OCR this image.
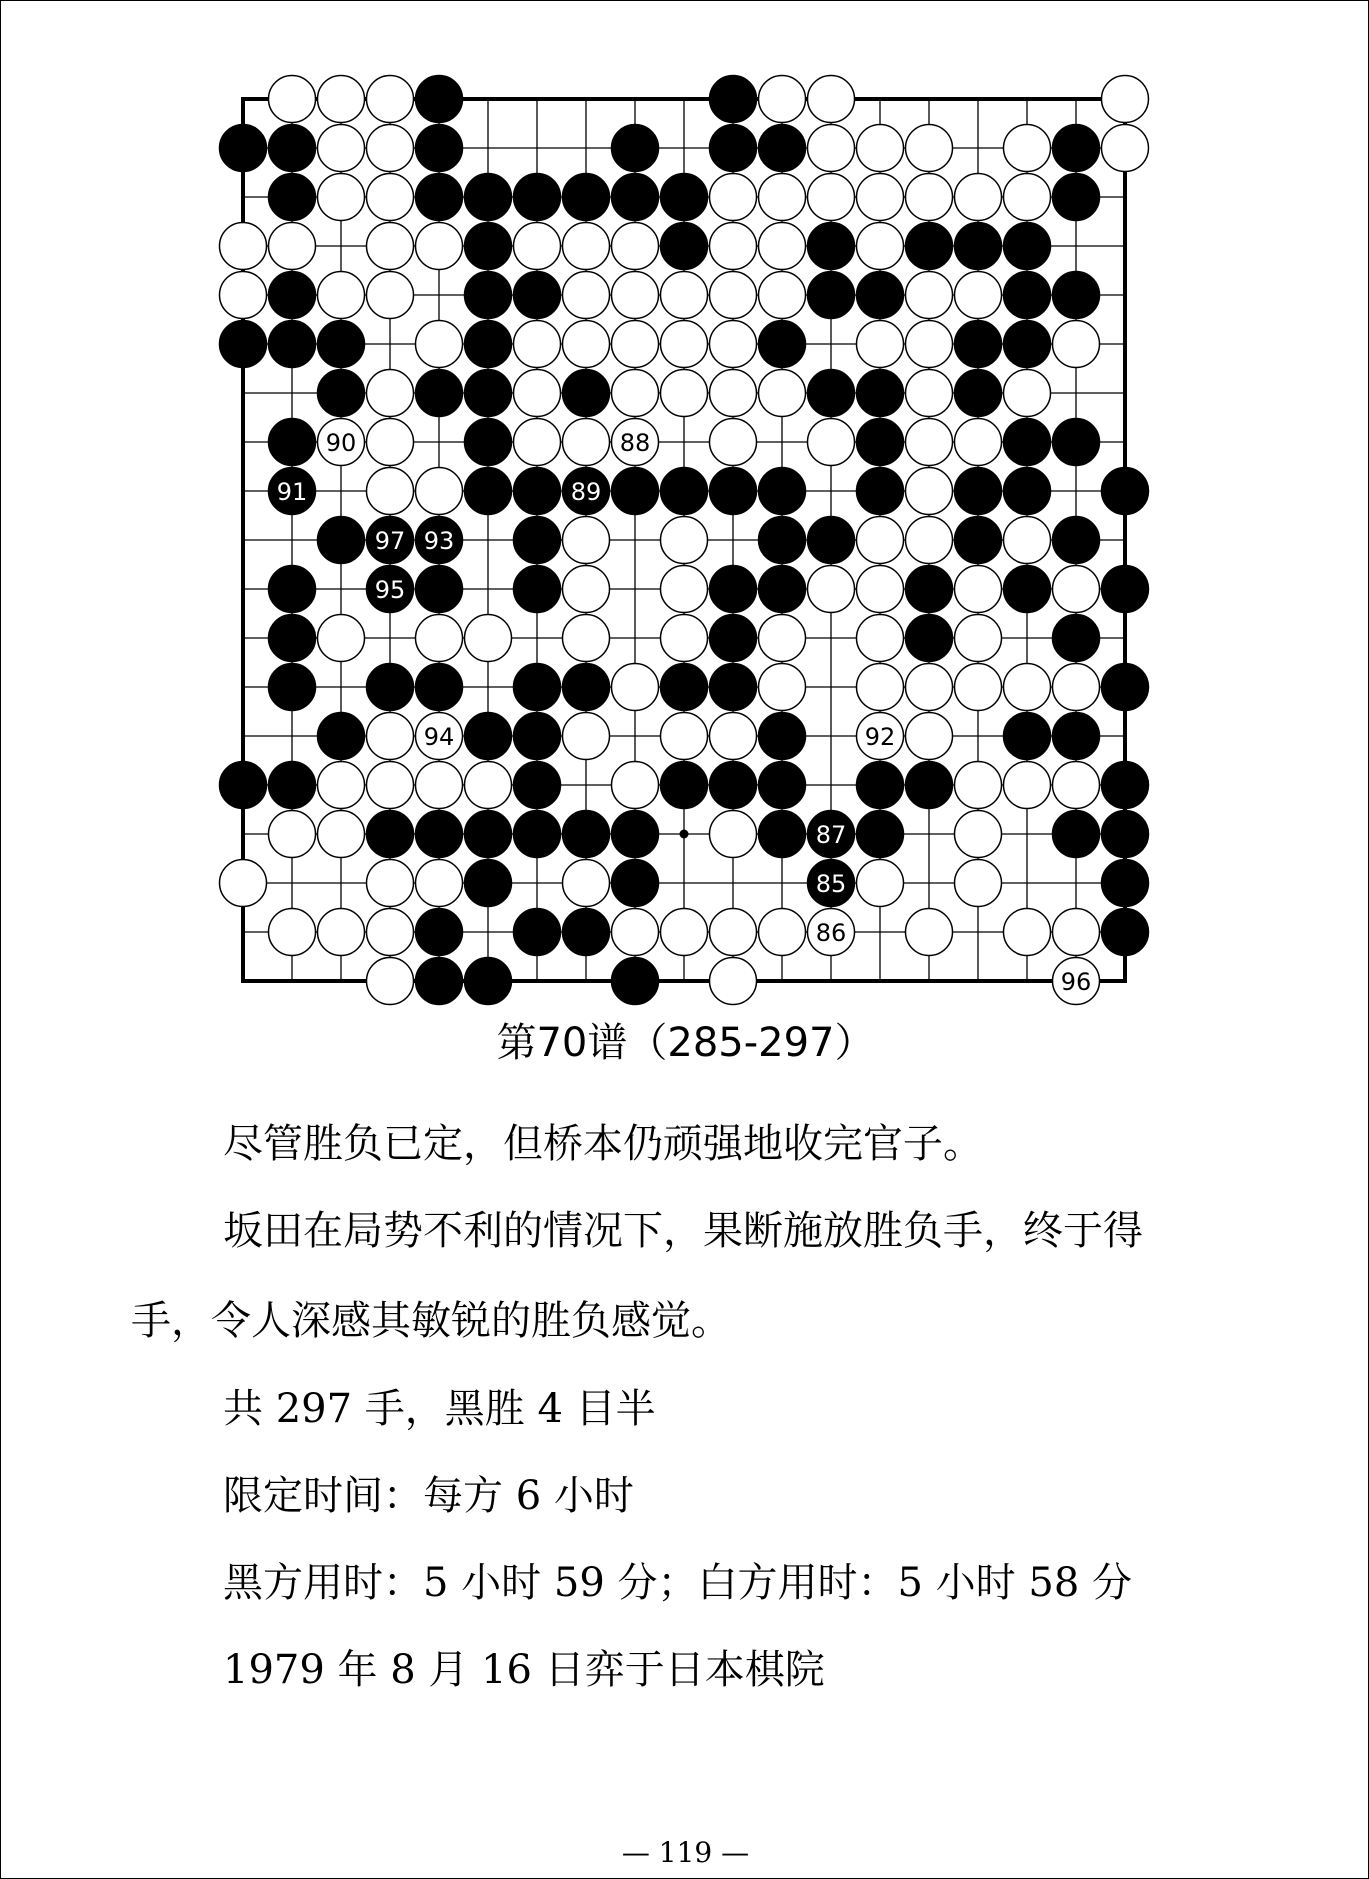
90	88
91	89
97 93
95
94	92
87
85
86
96
第70谱（285-297）
尽管胜负已定，但桥本仍顽强地收完官子。
坂田在局势不利的情况下，果断施放胜负手，终于得
手，令人深感其敏锐的胜负感觉。
共 297 手，黑胜 4 目半
限定时间：每方 6 小时
黑方用时：5 小时 59 分；白方用时：5 小时 58 分
1979 年 8 月 16 日弈于日本棋院
— 119 —
